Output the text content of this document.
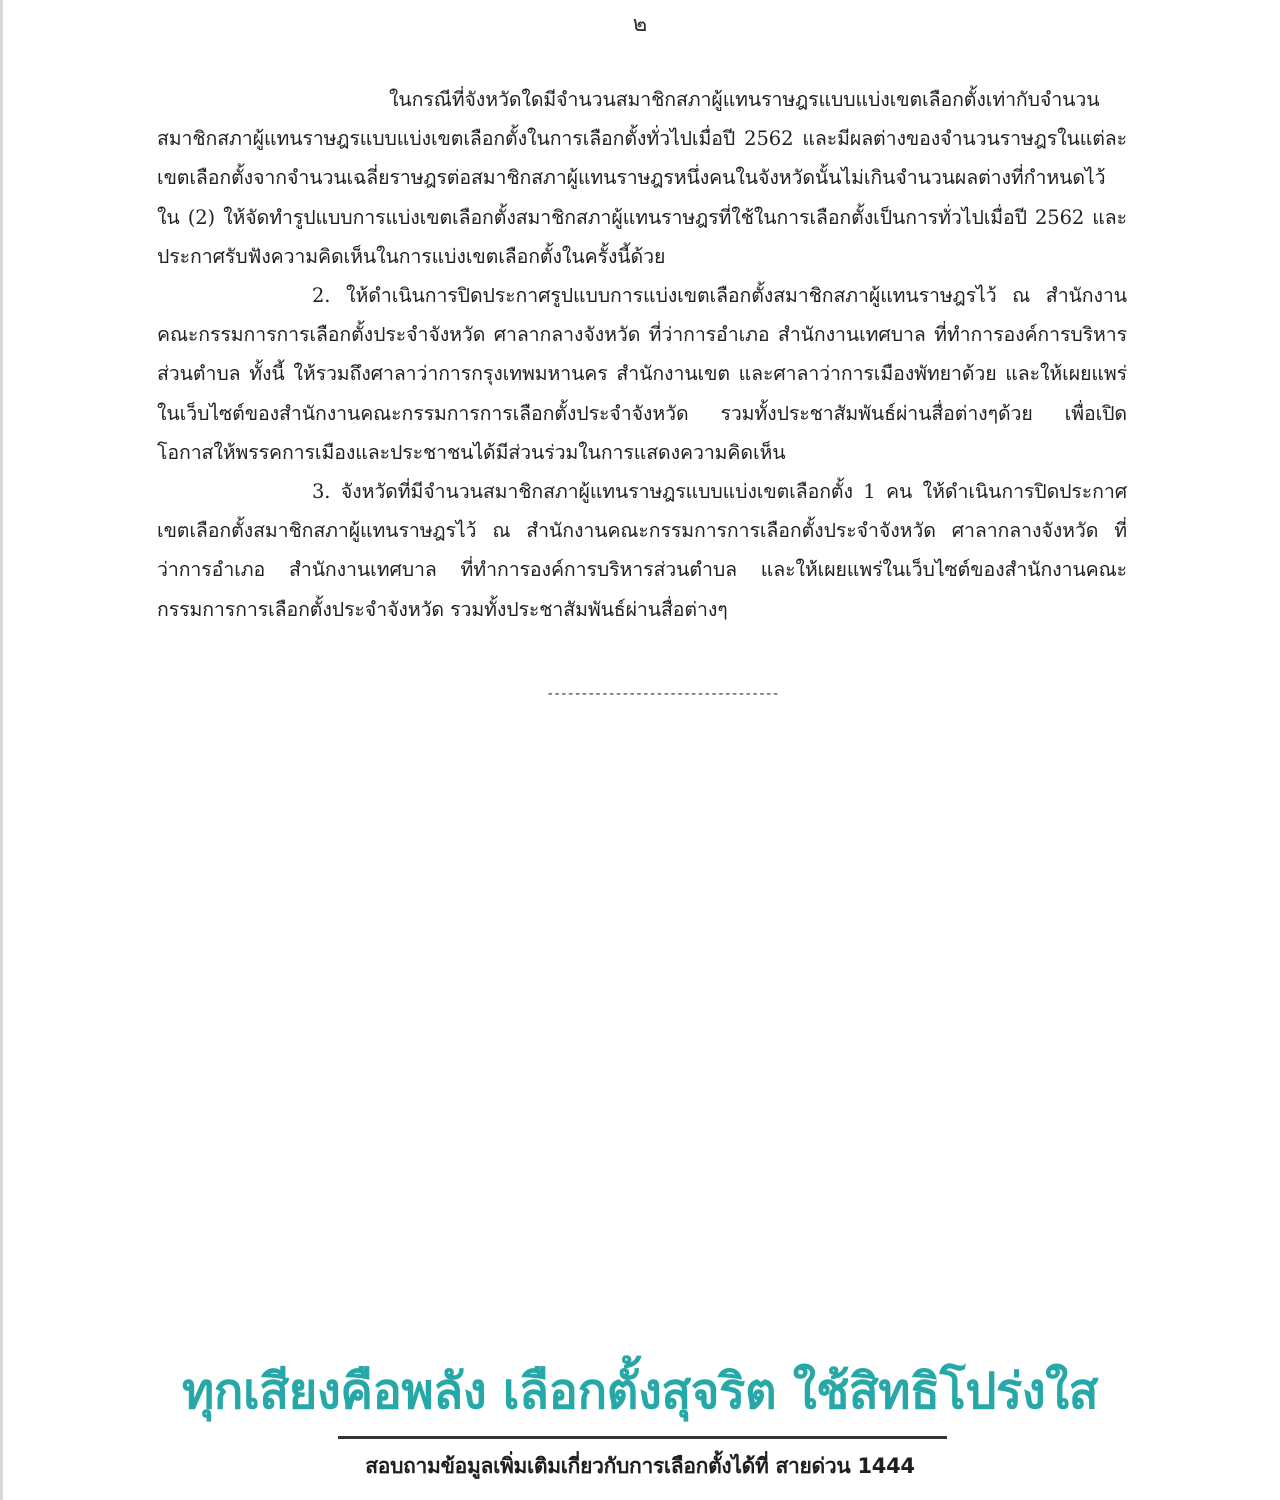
๒

ในกรณีที่จังหวัดใดมีจำนวนสมาชิกสภาผู้แทนราษฎรแบบแบ่งเขตเลือกตั้งเท่ากับจำนวนสมาชิกสภาผู้แทนราษฎรแบบแบ่งเขตเลือกตั้งในการเลือกตั้งทั่วไปเมื่อปี 2562 และมีผลต่างของจำนวนราษฎรในแต่ละเขตเลือกตั้งจากจำนวนเฉลี่ยราษฎรต่อสมาชิกสภาผู้แทนราษฎรหนึ่งคนในจังหวัดนั้นไม่เกินจำนวนผลต่างที่กำหนดไว้ใน (2) ให้จัดทำรูปแบบการแบ่งเขตเลือกตั้งสมาชิกสภาผู้แทนราษฎรที่ใช้ในการเลือกตั้งเป็นการทั่วไปเมื่อปี 2562 และประกาศรับฟังความคิดเห็นในการแบ่งเขตเลือกตั้งในครั้งนี้ด้วย

2. ให้ดำเนินการปิดประกาศรูปแบบการแบ่งเขตเลือกตั้งสมาชิกสภาผู้แทนราษฎรไว้ ณ สำนักงานคณะกรรมการการเลือกตั้งประจำจังหวัด ศาลากลางจังหวัด ที่ว่าการอำเภอ สำนักงานเทศบาล ที่ทำการองค์การบริหารส่วนตำบล ทั้งนี้ ให้รวมถึงศาลาว่าการกรุงเทพมหานคร สำนักงานเขต และศาลาว่าการเมืองพัทยาด้วย และให้เผยแพร่ในเว็บไซต์ของสำนักงานคณะกรรมการการเลือกตั้งประจำจังหวัด รวมทั้งประชาสัมพันธ์ผ่านสื่อต่างๆด้วย เพื่อเปิดโอกาสให้พรรคการเมืองและประชาชนได้มีส่วนร่วมในการแสดงความคิดเห็น

3. จังหวัดที่มีจำนวนสมาชิกสภาผู้แทนราษฎรแบบแบ่งเขตเลือกตั้ง 1 คน ให้ดำเนินการปิดประกาศเขตเลือกตั้งสมาชิกสภาผู้แทนราษฎรไว้ ณ สำนักงานคณะกรรมการการเลือกตั้งประจำจังหวัด ศาลากลางจังหวัด ที่ว่าการอำเภอ สำนักงานเทศบาล ที่ทำการองค์การบริหารส่วนตำบล และให้เผยแพร่ในเว็บไซต์ของสำนักงานคณะกรรมการการเลือกตั้งประจำจังหวัด รวมทั้งประชาสัมพันธ์ผ่านสื่อต่างๆ

----------------------------------
ทุกเสียงคือพลัง เลือกตั้งสุจริต ใช้สิทธิโปร่งใส
สอบถามข้อมูลเพิ่มเติมเกี่ยวกับการเลือกตั้งได้ที่ สายด่วน 1444
